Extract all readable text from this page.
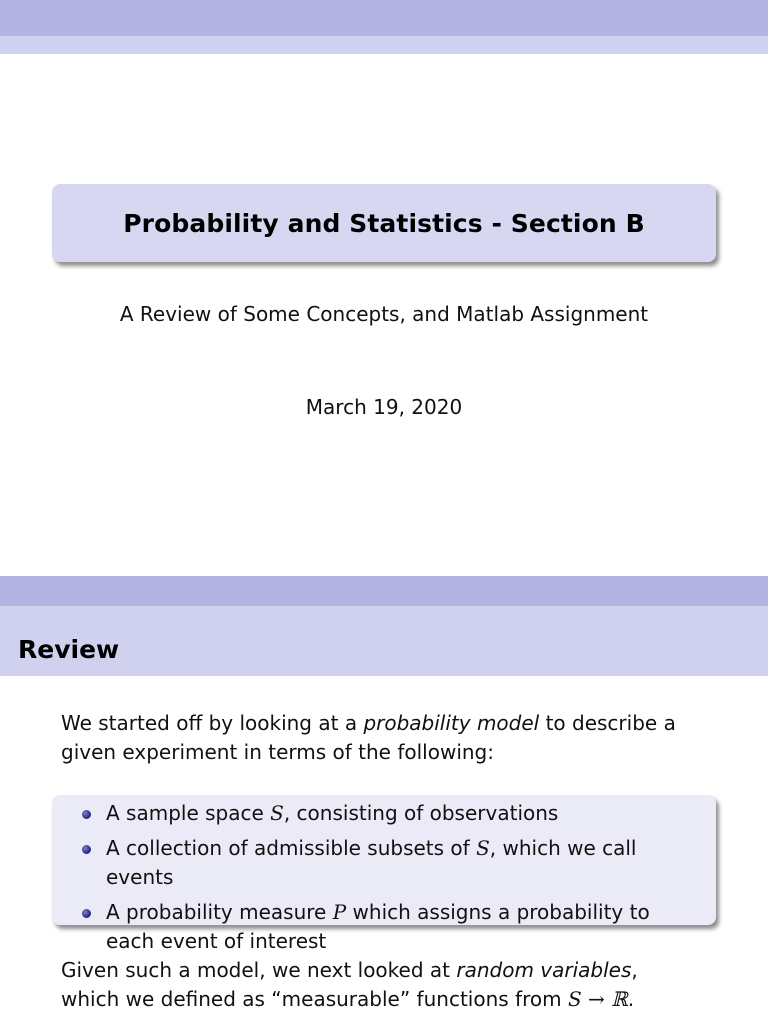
Probability and Statistics - Section B
A Review of Some Concepts, and Matlab Assignment
March 19, 2020
Review
We started off by looking at a probability model to describe a given experiment in terms of the following:
A sample space S, consisting of observations
A collection of admissible subsets of S, which we call events
A probability measure P which assigns a probability to each event of interest
Given such a model, we next looked at random variables, which we defined as “measurable” functions from S → ℝ.
